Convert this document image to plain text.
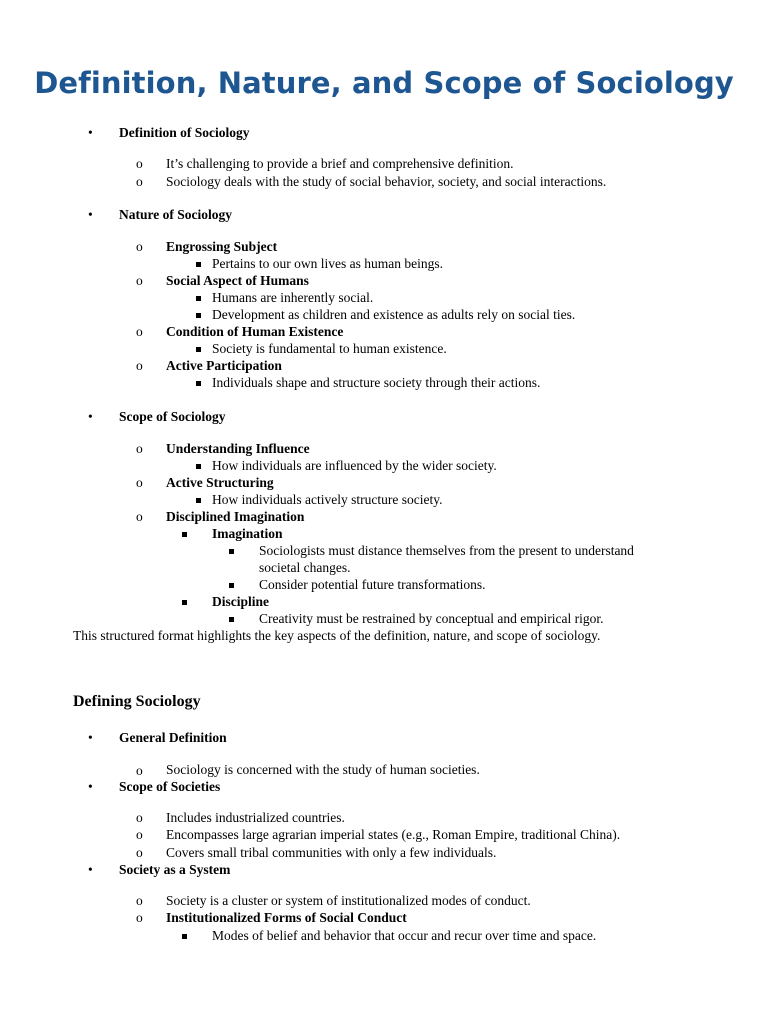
Definition, Nature, and Scope of Sociology
• Definition of Sociology
o It’s challenging to provide a brief and comprehensive definition.
o Sociology deals with the study of social behavior, society, and social interactions.
• Nature of Sociology
o Engrossing Subject
Pertains to our own lives as human beings.
o Social Aspect of Humans
Humans are inherently social.
Development as children and existence as adults rely on social ties.
o Condition of Human Existence
Society is fundamental to human existence.
o Active Participation
Individuals shape and structure society through their actions.
• Scope of Sociology
o Understanding Influence
How individuals are influenced by the wider society.
o Active Structuring
How individuals actively structure society.
o Disciplined Imagination
Imagination
Sociologists must distance themselves from the present to understand
societal changes.
Consider potential future transformations.
Discipline
Creativity must be restrained by conceptual and empirical rigor.
This structured format highlights the key aspects of the definition, nature, and scope of sociology.
Defining Sociology
• General Definition
o Sociology is concerned with the study of human societies.
• Scope of Societies
o Includes industrialized countries.
o Encompasses large agrarian imperial states (e.g., Roman Empire, traditional China).
o Covers small tribal communities with only a few individuals.
• Society as a System
o Society is a cluster or system of institutionalized modes of conduct.
o Institutionalized Forms of Social Conduct
Modes of belief and behavior that occur and recur over time and space.
